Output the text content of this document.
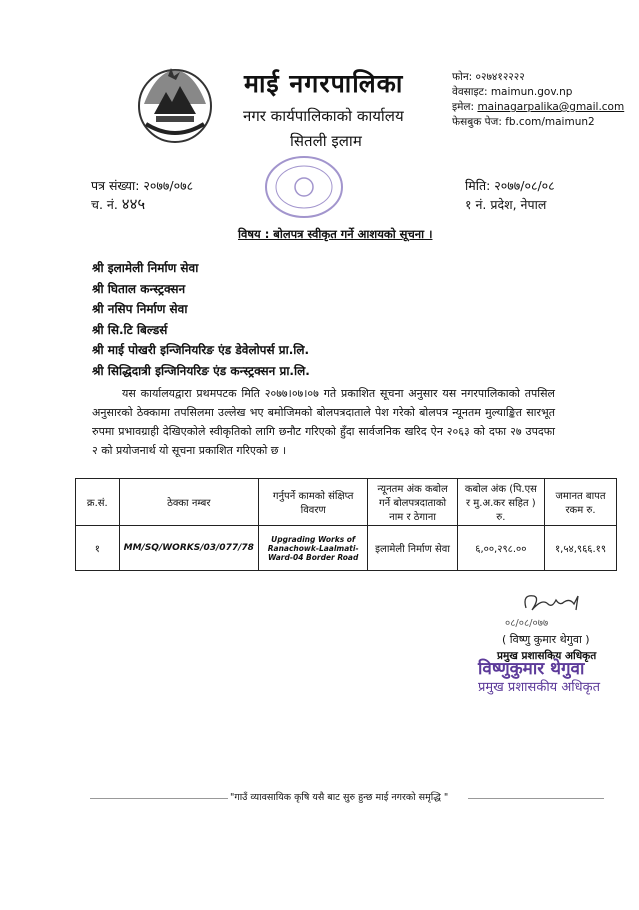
माई नगरपालिका
नगर कार्यपालिकाको कार्यालय
सितली इलाम
फोन: ०२७४१२२२२
वेवसाइट: maimun.gov.np
इमेल: mainagarpalika@gmail.com
फेसबुक पेज: fb.com/maimun2
पत्र संख्या: २०७७/०७८
च. नं. ४४५
मिति: २०७७/०८/०८
१ नं. प्रदेश, नेपाल
विषय : बोलपत्र स्वीकृत गर्ने आशयको सूचना ।
श्री इलामेली निर्माण सेवा
श्री घिताल कन्स्ट्रक्सन
श्री नसिप निर्माण सेवा
श्री सि.टि बिल्डर्स
श्री माई पोखरी इन्जिनियरिङ एंड डेवेलोपर्स प्रा.लि.
श्री सिद्धिदात्री इन्जिनियरिङ एंड कन्स्ट्रक्सन प्रा.लि.
यस कार्यालयद्वारा प्रथमपटक मिति २०७७।०७।०७ गते प्रकाशित सूचना अनुसार यस नगरपालिकाको तपसिल अनुसारको ठेक्कामा तपसिलमा उल्लेख भए बमोजिमको बोलपत्रदाताले पेश गरेको बोलपत्र न्यूनतम मुल्याङ्कित सारभूत रुपमा प्रभावग्राही देखिएकोले स्वीकृतिको लागि छनौट गरिएको हुँदा सार्वजनिक खरिद ऐन २०६३ को दफा २७ उपदफा २ को प्रयोजनार्थ यो सूचना प्रकाशित गरिएको छ ।
क्र.सं.	ठेक्का नम्बर	गर्नुपर्ने कामको संक्षिप्त विवरण	न्यूनतम अंक कबोल गर्ने बोलपत्रदाताको नाम र ठेगाना	कबोल अंक (पि.एस र मु.अ.कर सहित ) रु.	जमानत बापत रकम रु.
१	MM/SQ/WORKS/03/077/78	Upgrading Works of Ranachowk-Laalmati-Ward-04 Border Road	इलामेली निर्माण सेवा	६,००,२९८.००	१,५४,९६६.१९
०८/०८/०७७
( विष्णु कुमार थेगुवा )
प्रमुख प्रशासकिय अधिकृत
विष्णुकुमार थेगुवा
प्रमुख प्रशासकीय अधिकृत
"गाउँ व्यावसायिक कृषि यसै बाट सुरु हुन्छ माई नगरको समृद्धि "
